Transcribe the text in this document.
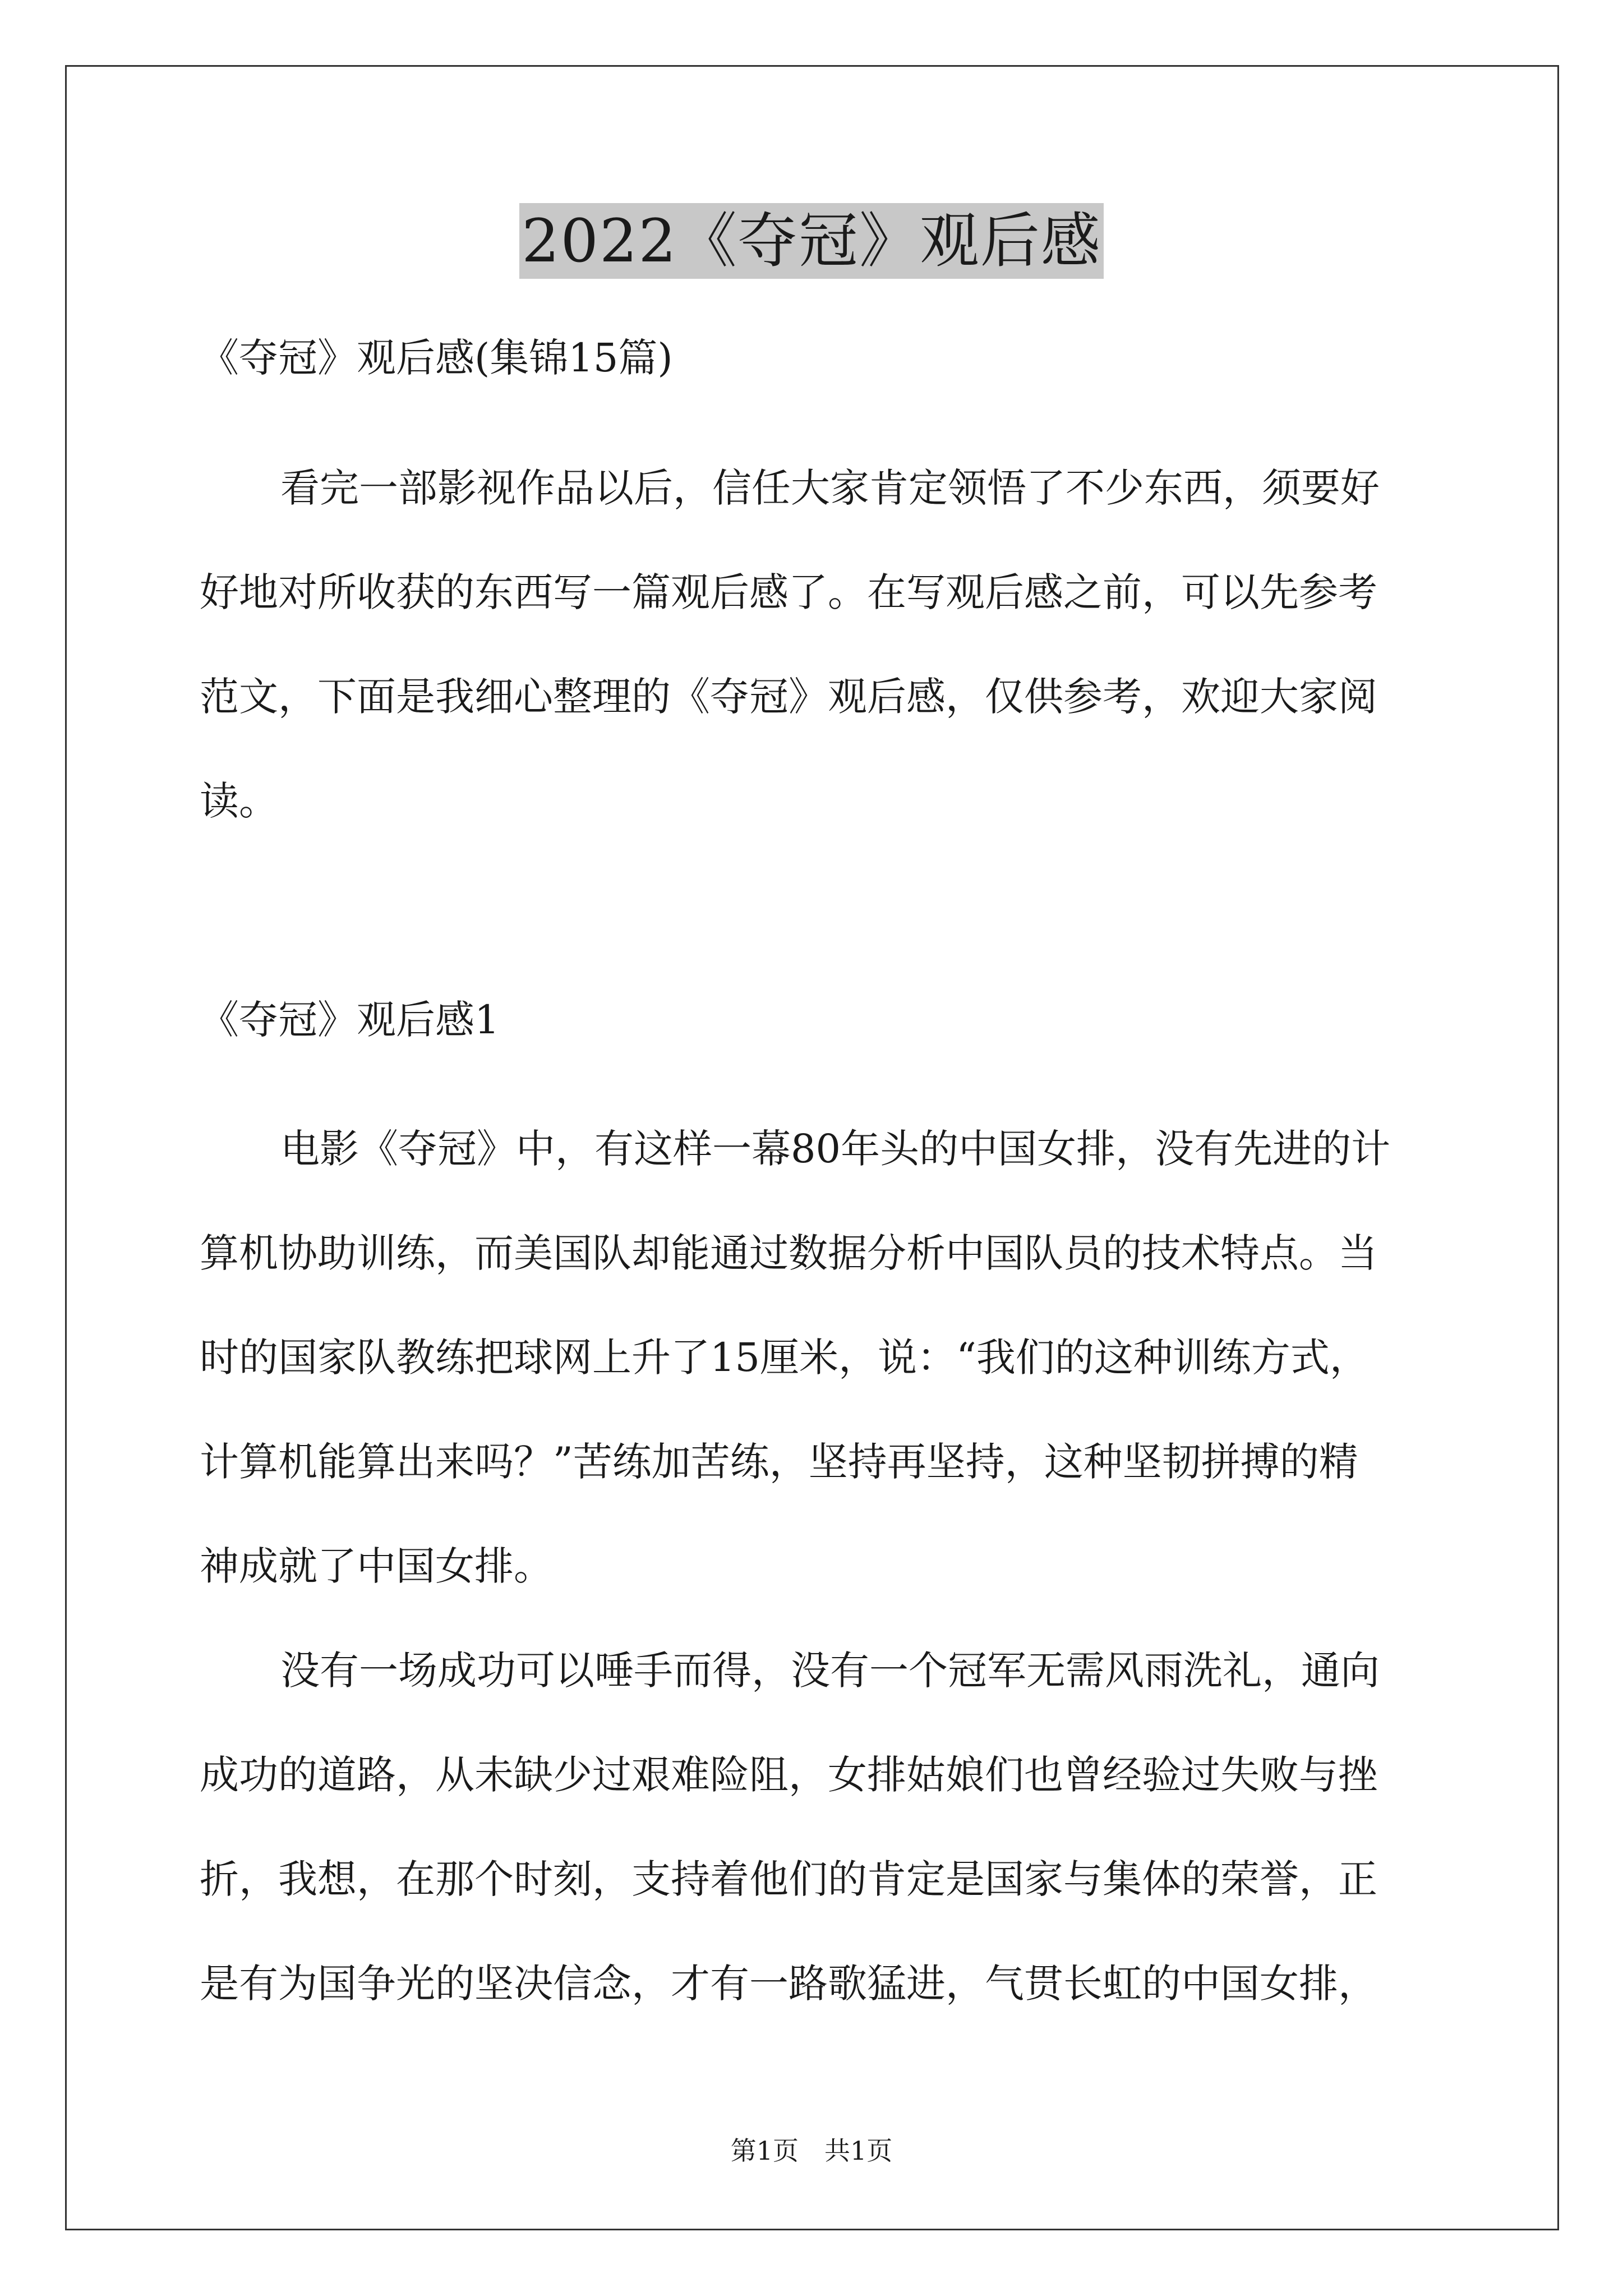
2022《夺冠》观后感
《夺冠》观后感(集锦15篇)
看完一部影视作品以后，信任大家肯定领悟了不少东西，须要好
好地对所收获的东西写一篇观后感了。在写观后感之前，可以先参考
范文，下面是我细心整理的《夺冠》观后感，仅供参考，欢迎大家阅
读。
《夺冠》观后感1
电影《夺冠》中，有这样一幕80年头的中国女排，没有先进的计
算机协助训练，而美国队却能通过数据分析中国队员的技术特点。当
时的国家队教练把球网上升了15厘米，说：“我们的这种训练方式，
计算机能算出来吗？”苦练加苦练，坚持再坚持，这种坚韧拼搏的精
神成就了中国女排。
没有一场成功可以唾手而得，没有一个冠军无需风雨洗礼，通向
成功的道路，从未缺少过艰难险阻，女排姑娘们也曾经验过失败与挫
折，我想，在那个时刻，支持着他们的肯定是国家与集体的荣誉，正
是有为国争光的坚决信念，才有一路歌猛进，气贯长虹的中国女排，
第1页　共1页
